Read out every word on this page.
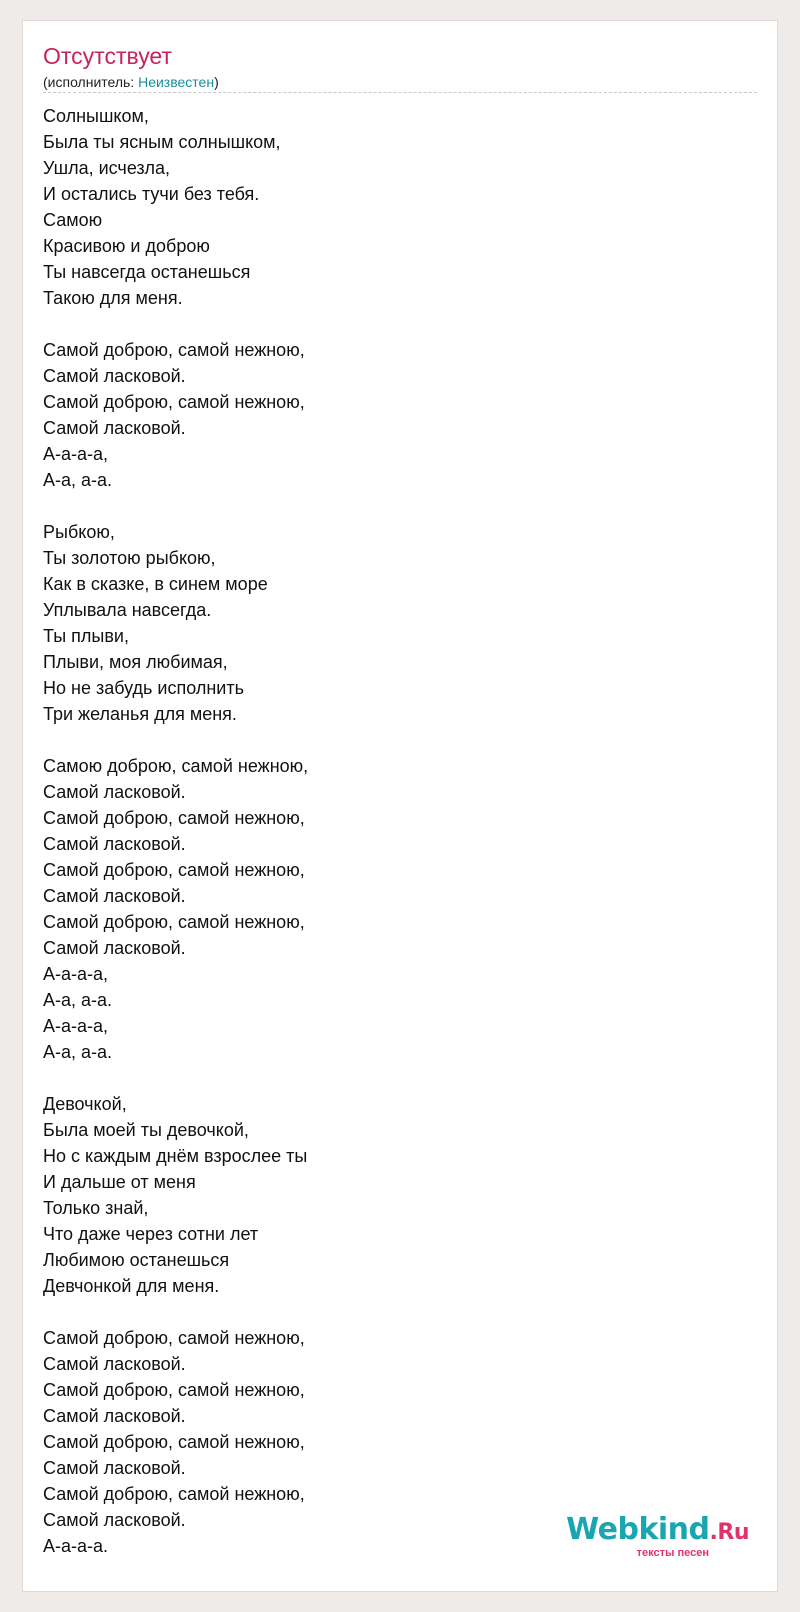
Отсутствует
(исполнитель: Неизвестен)
Солнышком,
Была ты ясным солнышком,
Ушла, исчезла,
И остались тучи без тебя.
Самою
Красивою и доброю
Ты навсегда останешься
Такою для меня.
Самой доброю, самой нежною,
Самой ласковой.
Самой доброю, самой нежною,
Самой ласковой.
А-а-а-а,
А-а, а-а.
Рыбкою,
Ты золотою рыбкою,
Как в сказке, в синем море
Уплывала навсегда.
Ты плыви,
Плыви, моя любимая,
Но не забудь исполнить
Три желанья для меня.
Самою доброю, самой нежною,
Самой ласковой.
Самой доброю, самой нежною,
Самой ласковой.
Самой доброю, самой нежною,
Самой ласковой.
Самой доброю, самой нежною,
Самой ласковой.
А-а-а-а,
А-а, а-а.
А-а-а-а,
А-а, а-а.
Девочкой,
Была моей ты девочкой,
Но с каждым днём взрослее ты
И дальше от меня
Только знай,
Что даже через сотни лет
Любимою останешься
Девчонкой для меня.
Самой доброю, самой нежною,
Самой ласковой.
Самой доброю, самой нежною,
Самой ласковой.
Самой доброю, самой нежною,
Самой ласковой.
Самой доброю, самой нежною,
Самой ласковой.
А-а-а-а.	Webkind.Ru
тексты песен
